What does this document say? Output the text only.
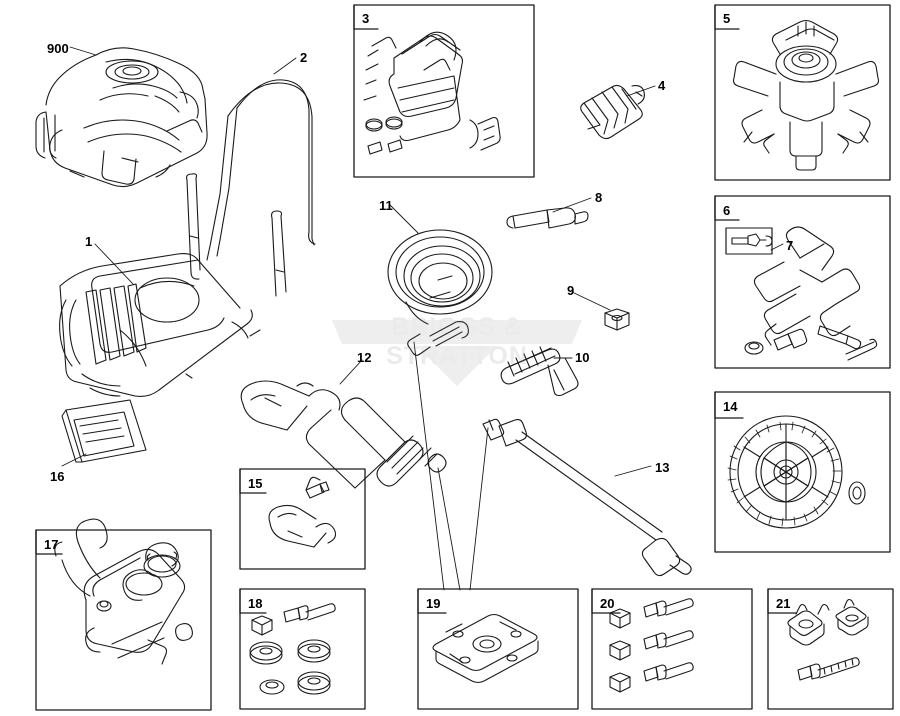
BRIGGS & STRATTON
3	5
6
14
15
17
18	19	20	21
900
2
4
1
11
8
9
12	10
13
16
7
